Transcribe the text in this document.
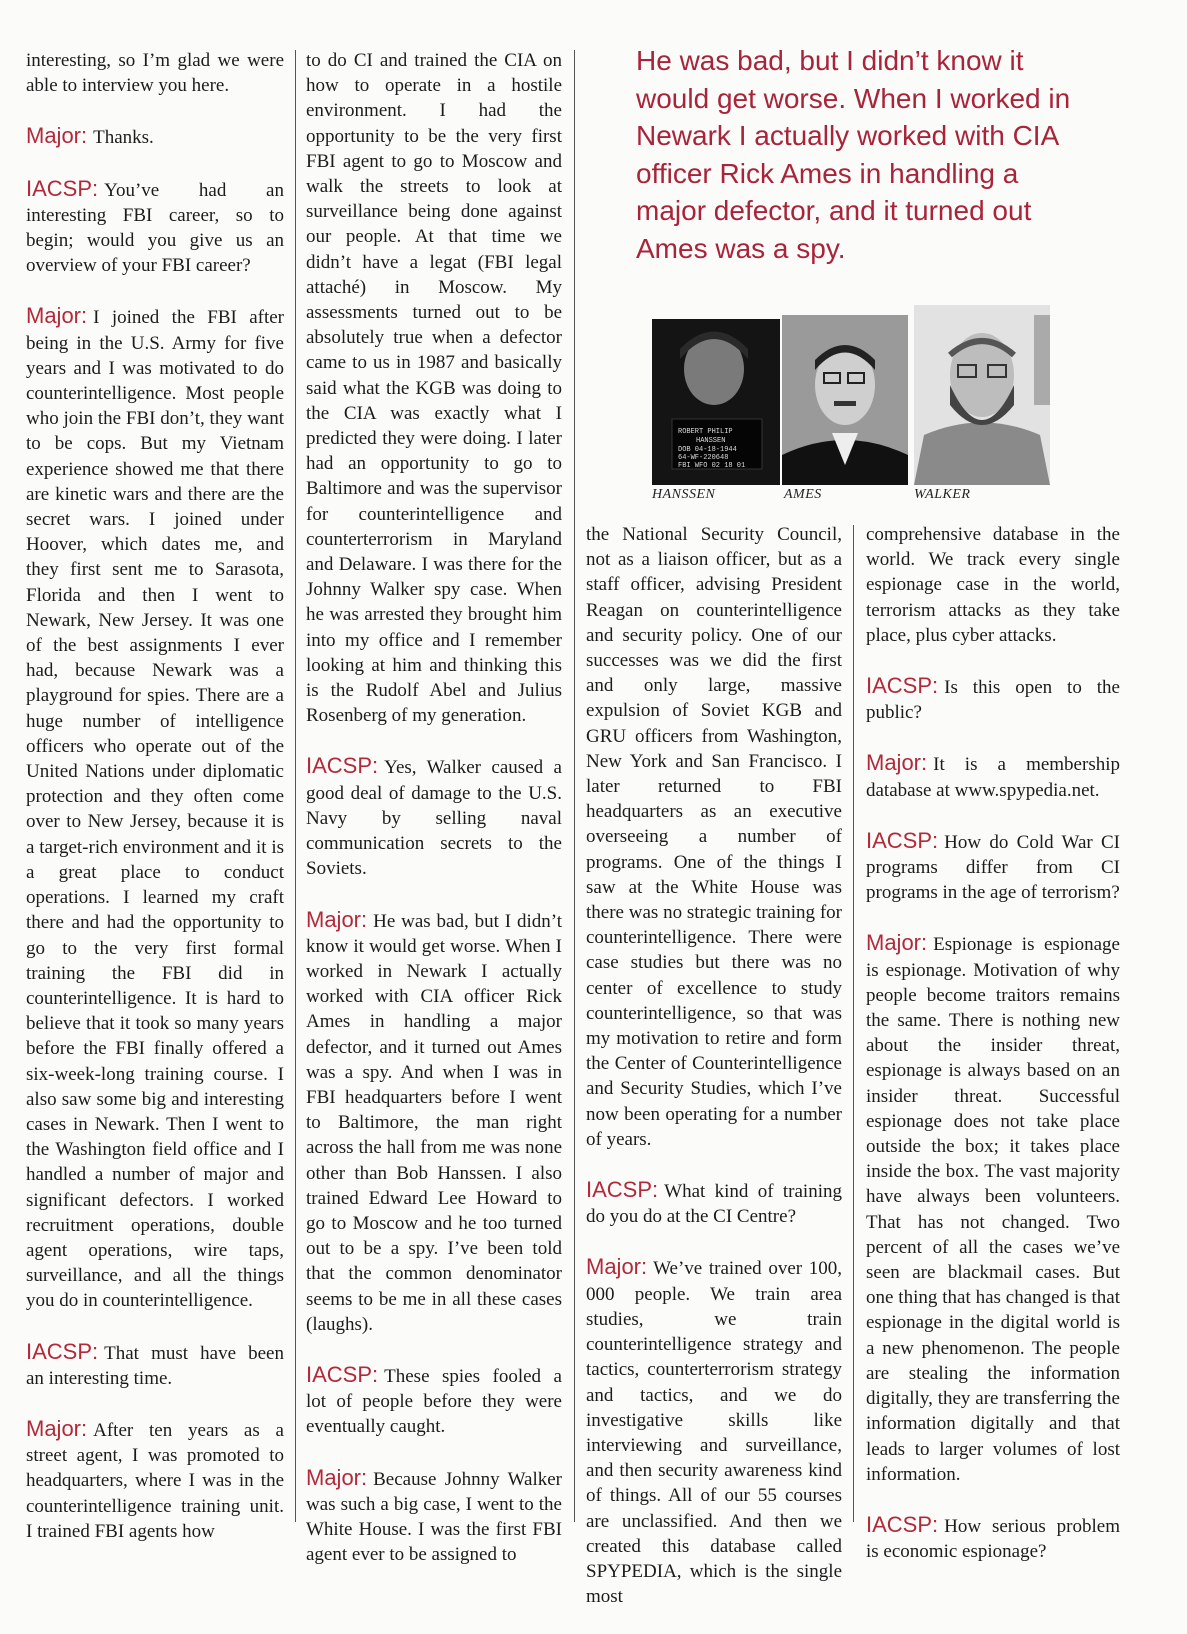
interesting, so I’m glad we were able to interview you here.

Major: Thanks.

IACSP: You’ve had an interesting FBI career, so to begin; would you give us an overview of your FBI career?

Major: I joined the FBI after being in the U.S. Army for five years and I was motivated to do counterintelligence. Most people who join the FBI don’t, they want to be cops. But my Vietnam experience showed me that there are kinetic wars and there are the secret wars. I joined under Hoover, which dates me, and they first sent me to Sarasota, Florida and then I went to Newark, New Jersey. It was one of the best assignments I ever had, because Newark was a playground for spies. There are a huge number of intelligence officers who operate out of the United Nations under diplomatic protection and they often come over to New Jersey, because it is a target-rich environment and it is a great place to conduct operations. I learned my craft there and had the opportunity to go to the very first formal training the FBI did in counterintelligence. It is hard to believe that it took so many years before the FBI finally offered a six-week-long training course. I also saw some big and interesting cases in Newark. Then I went to the Washington field office and I handled a number of major and significant defectors. I worked recruitment operations, double agent operations, wire taps, surveillance, and all the things you do in counterintelligence.

IACSP: That must have been an interesting time.

Major: After ten years as a street agent, I was promoted to headquarters, where I was in the counterintelligence training unit. I trained FBI agents how

to do CI and trained the CIA on how to operate in a hostile environment. I had the opportunity to be the very first FBI agent to go to Moscow and walk the streets to look at surveillance being done against our people. At that time we didn’t have a legat (FBI legal attaché) in Moscow. My assessments turned out to be absolutely true when a defector came to us in 1987 and basically said what the KGB was doing to the CIA was exactly what I predicted they were doing. I later had an opportunity to go to Baltimore and was the supervisor for counterintelligence and counterterrorism in Maryland and Delaware. I was there for the Johnny Walker spy case. When he was arrested they brought him into my office and I remember looking at him and thinking this is the Rudolf Abel and Julius Rosenberg of my generation.

IACSP: Yes, Walker caused a good deal of damage to the U.S. Navy by selling naval communication secrets to the Soviets.

Major: He was bad, but I didn’t know it would get worse. When I worked in Newark I actually worked with CIA officer Rick Ames in handling a major defector, and it turned out Ames was a spy. And when I was in FBI headquarters before I went to Baltimore, the man right across the hall from me was none other than Bob Hanssen. I also trained Edward Lee Howard to go to Moscow and he too turned out to be a spy. I’ve been told that the common denominator seems to be me in all these cases (laughs).

IACSP: These spies fooled a lot of people before they were eventually caught.

Major: Because Johnny Walker was such a big case, I went to the White House. I was the first FBI agent ever to be assigned to

He was bad, but I didn’t know it would get worse. When I worked in Newark I actually worked with CIA officer Rick Ames in handling a major defector, and it turned out Ames was a spy.
ROBERT PHILIP
HANSSEN
DOB 04-18-1944
64-WF-220648
FBI WFO 02 18 01
HANSSEN	AMES	WALKER

the National Security Council, not as a liaison officer, but as a staff officer, advising President Reagan on counterintelligence and security policy. One of our successes was we did the first and only large, massive expulsion of Soviet KGB and GRU officers from Washington, New York and San Francisco. I later returned to FBI headquarters as an executive overseeing a number of programs. One of the things I saw at the White House was there was no strategic training for counterintelligence. There were case studies but there was no center of excellence to study counterintelligence, so that was my motivation to retire and form the Center of Counterintelligence and Security Studies, which I’ve now been operating for a number of years.

IACSP: What kind of training do you do at the CI Centre?

Major: We’ve trained over 100, 000 people. We train area studies, we train counterintelligence strategy and tactics, counterterrorism strategy and tactics, and we do investigative skills like interviewing and surveillance, and then security awareness kind of things. All of our 55 courses are unclassified. And then we created this database called SPYPEDIA, which is the single most

comprehensive database in the world. We track every single espionage case in the world, terrorism attacks as they take place, plus cyber attacks.

IACSP: Is this open to the public?

Major: It is a membership database at www.spypedia.net.

IACSP: How do Cold War CI programs differ from CI programs in the age of terrorism?

Major: Espionage is espionage is espionage. Motivation of why people become traitors remains the same. There is nothing new about the insider threat, espionage is always based on an insider threat. Successful espionage does not take place outside the box; it takes place inside the box. The vast majority have always been volunteers. That has not changed. Two percent of all the cases we’ve seen are blackmail cases. But one thing that has changed is that espionage in the digital world is a new phenomenon. The people are stealing the information digitally, they are transferring the information digitally and that leads to larger volumes of lost information.

IACSP: How serious problem is economic espionage?
